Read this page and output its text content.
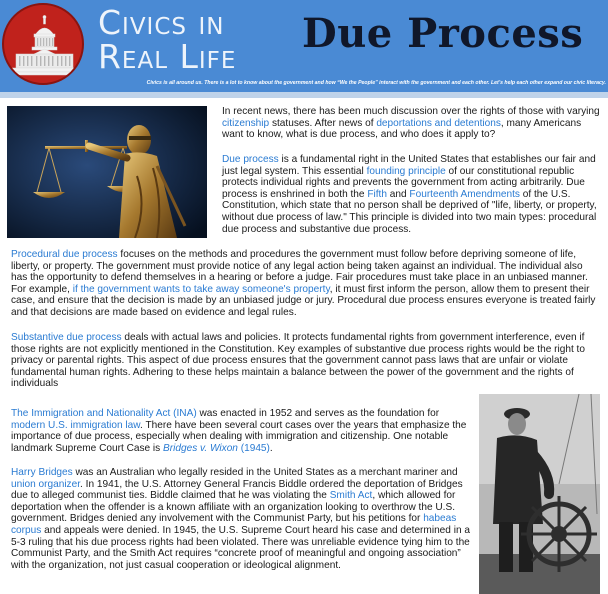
Civics in
Real Life	Due Process
Civics is all around us. There is a lot to know about the government and how “We the People” interact with the government and each other. Let’s help each other expand our civic literacy.

In recent news, there has been much discussion over the rights of those with varying citizenship statuses. After news of deportations and detentions, many Americans want to know, what is due process, and who does it apply to?

Due process is a fundamental right in the United States that establishes our fair and just legal system. This essential founding principle of our constitutional republic protects individual rights and prevents the government from acting arbitrarily. Due process is enshrined in both the Fifth and Fourteenth Amendments of the U.S. Constitution, which state that no person shall be deprived of "life, liberty, or property, without due process of law." This principle is divided into two main types: procedural due process and substantive due process.

Procedural due process focuses on the methods and procedures the government must follow before depriving someone of life, liberty, or property. The government must provide notice of any legal action being taken against an individual. The individual also has the opportunity to defend themselves in a hearing or before a judge. Fair procedures must take place in an unbiased manner. For example, if the government wants to take away someone's property, it must first inform the person, allow them to present their case, and ensure that the decision is made by an unbiased judge or jury. Procedural due process ensures everyone is treated fairly and that decisions are made based on evidence and legal rules.

Substantive due process deals with actual laws and policies. It protects fundamental rights from government interference, even if those rights are not explicitly mentioned in the Constitution. Key examples of substantive due process rights would be the right to privacy or parental rights. This aspect of due process ensures that the government cannot pass laws that are unfair or violate fundamental human rights. Adhering to these helps maintain a balance between the power of the government and the rights of individuals

The Immigration and Nationality Act (INA) was enacted in 1952 and serves as the foundation for modern U.S. immigration law. There have been several court cases over the years that emphasize the importance of due process, especially when dealing with immigration and citizenship. One notable landmark Supreme Court Case is Bridges v. Wixon (1945).

Harry Bridges was an Australian who legally resided in the United States as a merchant mariner and union organizer. In 1941, the U.S. Attorney General Francis Biddle ordered the deportation of Bridges due to alleged communist ties. Biddle claimed that he was violating the Smith Act, which allowed for deportation when the offender is a known affiliate with an organization looking to overthrow the U.S. government. Bridges denied any involvement with the Communist Party, but his petitions for habeas corpus and appeals were denied. In 1945, the U.S. Supreme Court heard his case and determined in a 5-3 ruling that his due process rights had been violated. There was unreliable evidence tying him to the Communist Party, and the Smith Act requires “concrete proof of meaningful and ongoing association” with the organization, not just casual cooperation or ideological alignment.
